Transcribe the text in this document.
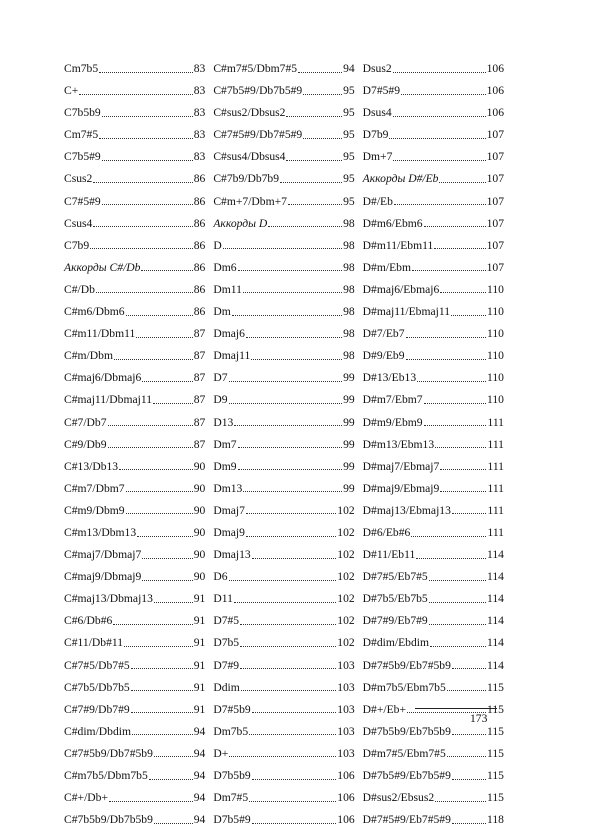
Cm7b5	83
C+	83
C7b5b9	83
Cm7#5	83
C7b5#9	83
Csus2	86
C7#5#9	86
Csus4	86
C7b9	86
Аккорды C#/Db	86
C#/Db	86
C#m6/Dbm6	86
C#m11/Dbm11	87
C#m/Dbm	87
C#maj6/Dbmaj6	87
C#maj11/Dbmaj11	87
C#7/Db7	87
C#9/Db9	87
C#13/Db13	90
C#m7/Dbm7	90
C#m9/Dbm9	90
C#m13/Dbm13	90
C#maj7/Dbmaj7	90
C#maj9/Dbmaj9	90
C#maj13/Dbmaj13	91
C#6/Db#6	91
C#11/Db#11	91
C#7#5/Db7#5	91
C#7b5/Db7b5	91
C#7#9/Db7#9	91
C#dim/Dbdim	94
C#7#5b9/Db7#5b9	94
C#m7b5/Dbm7b5	94
C#+/Db+	94
C#7b5b9/Db7b5b9	94
C#m7#5/Dbm7#5	94
C#7b5#9/Db7b5#9	95
C#sus2/Dbsus2	95
C#7#5#9/Db7#5#9	95
C#sus4/Dbsus4	95
C#7b9/Db7b9	95
C#m+7/Dbm+7	95
Аккорды D	98
D	98
Dm6	98
Dm11	98
Dm	98
Dmaj6	98
Dmaj11	98
D7	99
D9	99
D13	99
Dm7	99
Dm9	99
Dm13	99
Dmaj7	102
Dmaj9	102
Dmaj13	102
D6	102
D11	102
D7#5	102
D7b5	102
D7#9	103
Ddim	103
D7#5b9	103
Dm7b5	103
D+	103
D7b5b9	106
Dm7#5	106
D7b5#9	106
Dsus2	106
D7#5#9	106
Dsus4	106
D7b9	107
Dm+7	107
Аккорды D#/Eb	107
D#/Eb	107
D#m6/Ebm6	107
D#m11/Ebm11	107
D#m/Ebm	107
D#maj6/Ebmaj6	110
D#maj11/Ebmaj11	110
D#7/Eb7	110
D#9/Eb9	110
D#13/Eb13	110
D#m7/Ebm7	110
D#m9/Ebm9	111
D#m13/Ebm13	111
D#maj7/Ebmaj7	111
D#maj9/Ebmaj9	111
D#maj13/Ebmaj13	111
D#6/Eb#6	111
D#11/Eb11	114
D#7#5/Eb7#5	114
D#7b5/Eb7b5	114
D#7#9/Eb7#9	114
D#dim/Ebdim	114
D#7#5b9/Eb7#5b9	114
D#m7b5/Ebm7b5	115
D#+/Eb+	115
D#7b5b9/Eb7b5b9	115
D#m7#5/Ebm7#5	115
D#7b5#9/Eb7b5#9	115
D#sus2/Ebsus2	115
D#7#5#9/Eb7#5#9	118
173
